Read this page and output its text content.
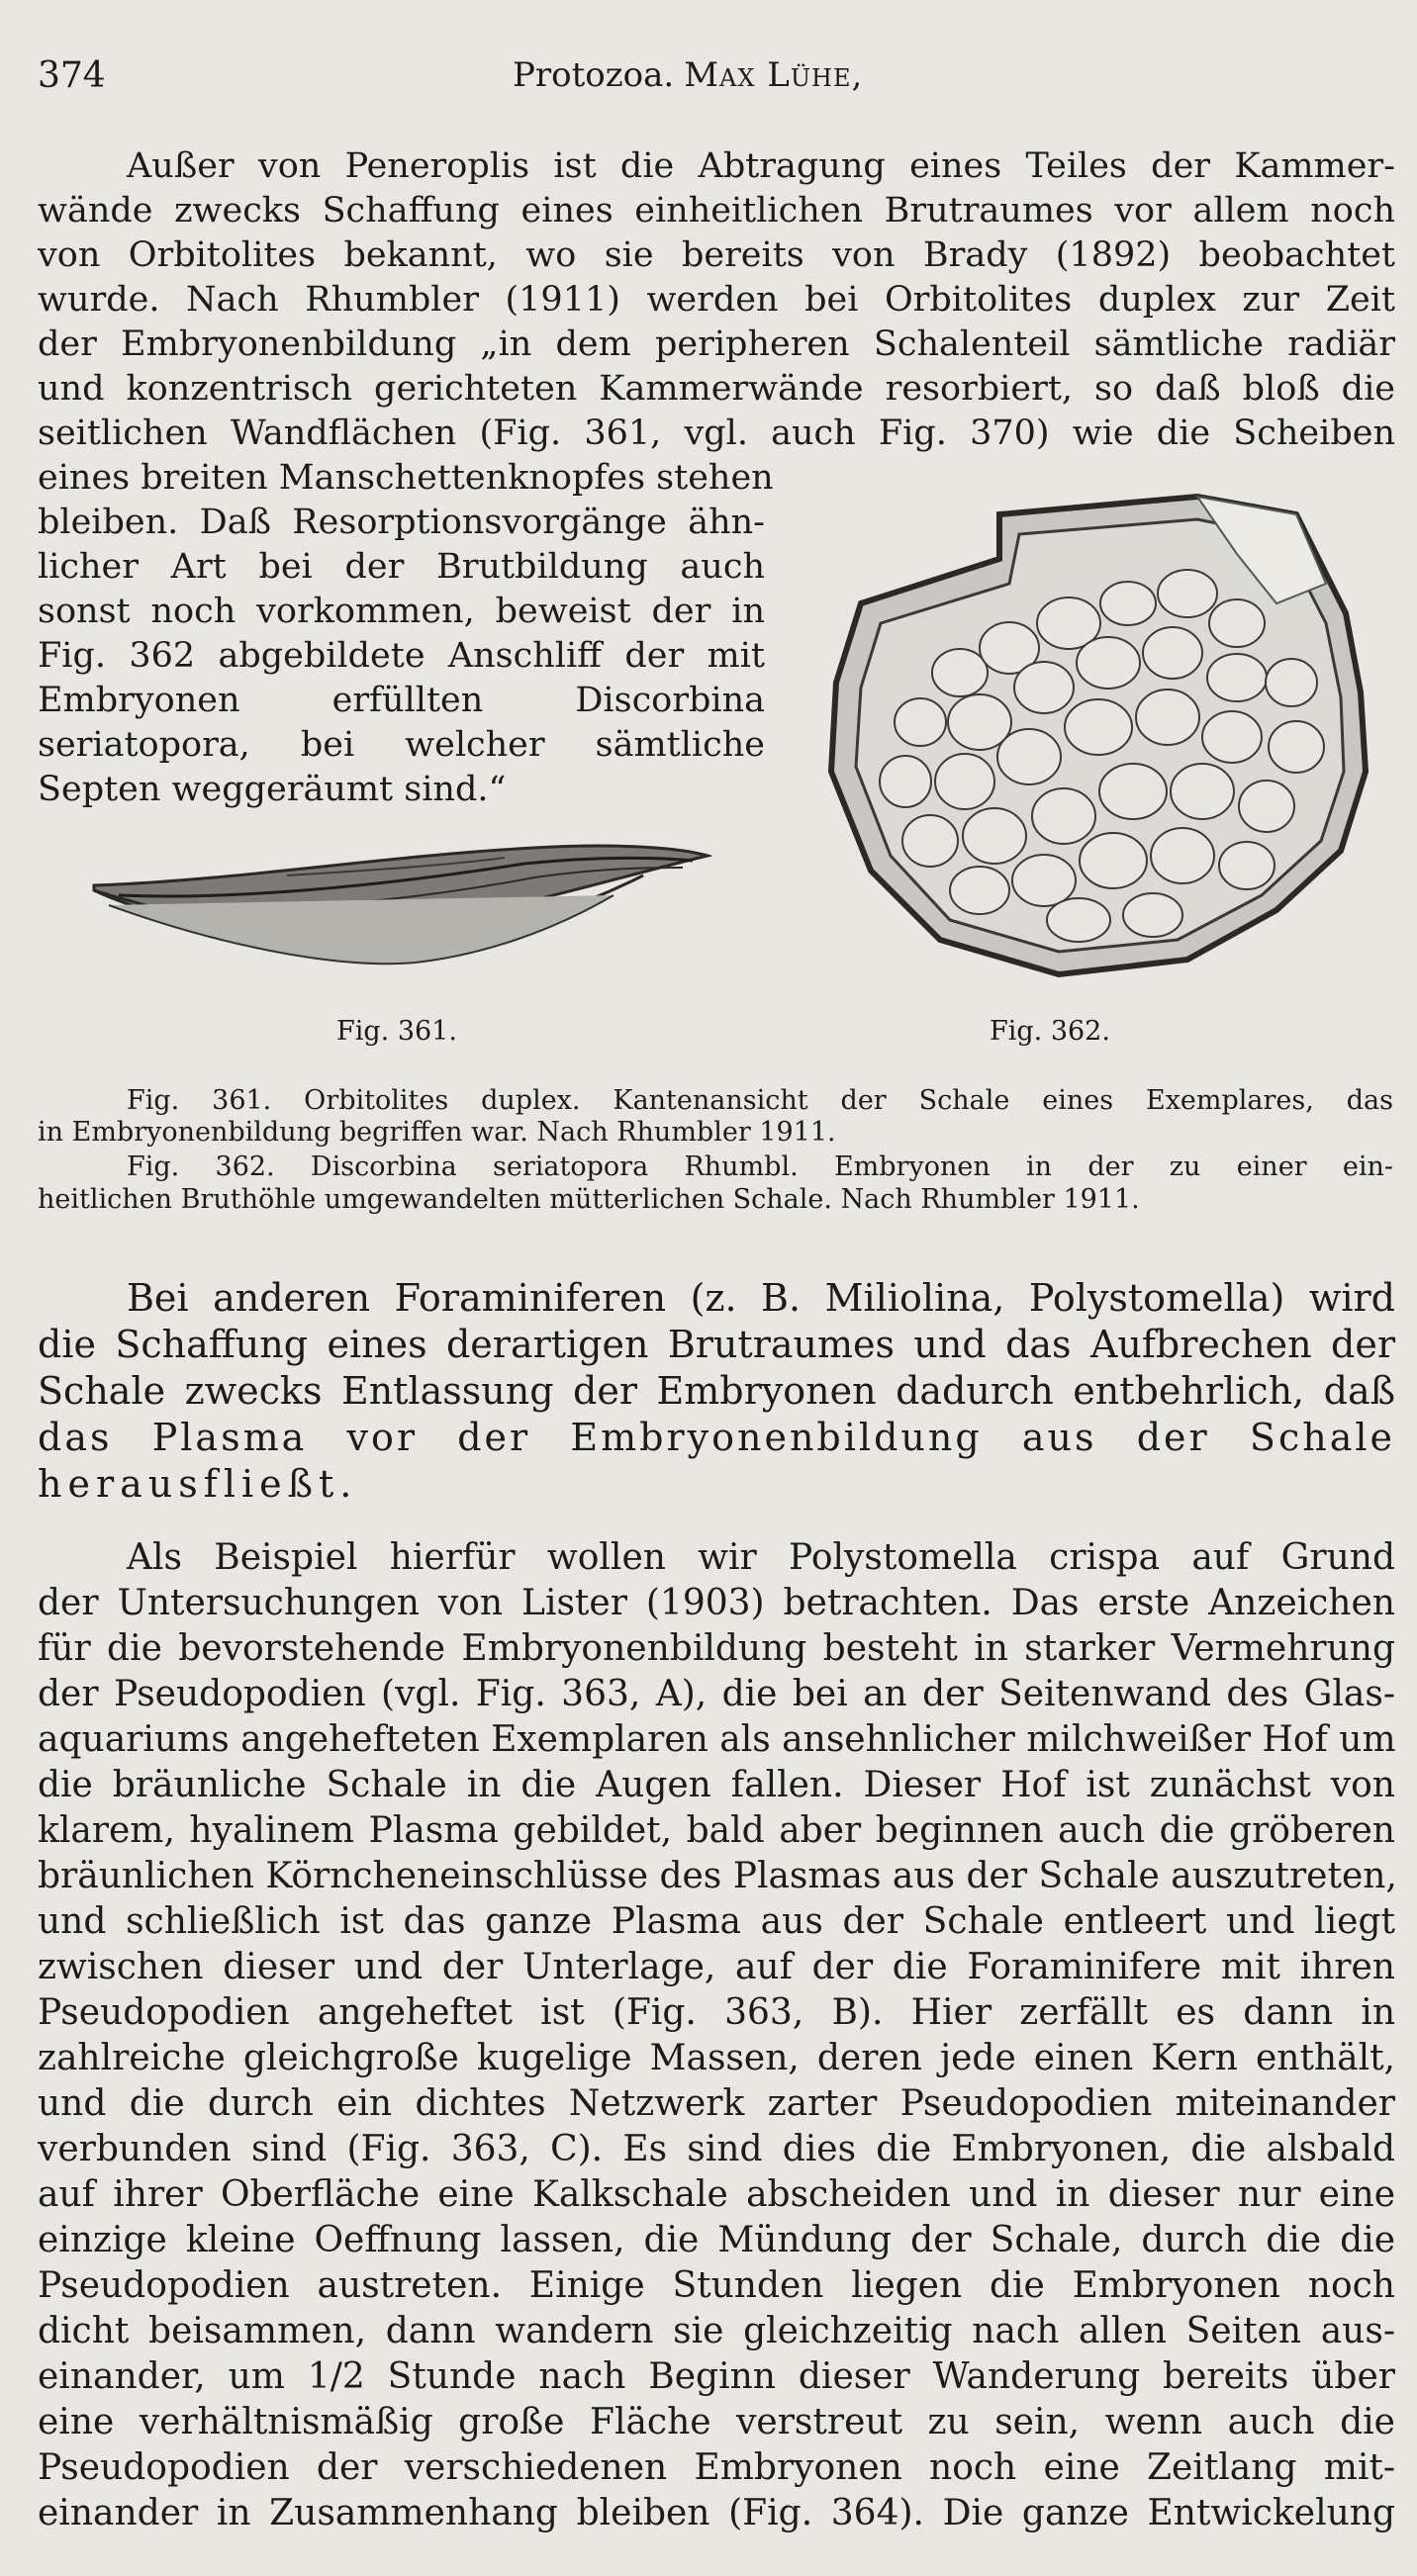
374	Protozoa. Max Lühe,
Außer von Peneroplis ist die Abtragung eines Teiles der Kammer-
wände zwecks Schaffung eines einheitlichen Brutraumes vor allem noch
von Orbitolites bekannt, wo sie bereits von Brady (1892) beobachtet
wurde. Nach Rhumbler (1911) werden bei Orbitolites duplex zur Zeit
der Embryonenbildung „in dem peripheren Schalenteil sämtliche radiär
und konzentrisch gerichteten Kammerwände resorbiert, so daß bloß die
seitlichen Wandflächen (Fig. 361, vgl. auch Fig. 370) wie die Scheiben
eines breiten Manschettenknopfes stehen
bleiben. Daß Resorptionsvorgänge ähn-
licher Art bei der Brutbildung auch
sonst noch vorkommen, beweist der in
Fig. 362 abgebildete Anschliff der mit
Embryonen erfüllten Discorbina
seriatopora, bei welcher sämtliche
Septen weggeräumt sind.“
Fig. 361.	Fig. 362.
Fig. 361. Orbitolites duplex. Kantenansicht der Schale eines Exemplares, das
in Embryonenbildung begriffen war. Nach Rhumbler 1911.
Fig. 362. Discorbina seriatopora Rhumbl. Embryonen in der zu einer ein-
heitlichen Bruthöhle umgewandelten mütterlichen Schale. Nach Rhumbler 1911.
Bei anderen Foraminiferen (z. B. Miliolina, Polystomella) wird
die Schaffung eines derartigen Brutraumes und das Aufbrechen der
Schale zwecks Entlassung der Embryonen dadurch entbehrlich, daß
das Plasma vor der Embryonenbildung aus der Schale
herausfließt.
Als Beispiel hierfür wollen wir Polystomella crispa auf Grund
der Untersuchungen von Lister (1903) betrachten. Das erste Anzeichen
für die bevorstehende Embryonenbildung besteht in starker Vermehrung
der Pseudopodien (vgl. Fig. 363, A), die bei an der Seitenwand des Glas-
aquariums angehefteten Exemplaren als ansehnlicher milchweißer Hof um
die bräunliche Schale in die Augen fallen. Dieser Hof ist zunächst von
klarem, hyalinem Plasma gebildet, bald aber beginnen auch die gröberen
bräunlichen Körncheneinschlüsse des Plasmas aus der Schale auszutreten,
und schließlich ist das ganze Plasma aus der Schale entleert und liegt
zwischen dieser und der Unterlage, auf der die Foraminifere mit ihren
Pseudopodien angeheftet ist (Fig. 363, B). Hier zerfällt es dann in
zahlreiche gleichgroße kugelige Massen, deren jede einen Kern enthält,
und die durch ein dichtes Netzwerk zarter Pseudopodien miteinander
verbunden sind (Fig. 363, C). Es sind dies die Embryonen, die alsbald
auf ihrer Oberfläche eine Kalkschale abscheiden und in dieser nur eine
einzige kleine Oeffnung lassen, die Mündung der Schale, durch die die
Pseudopodien austreten. Einige Stunden liegen die Embryonen noch
dicht beisammen, dann wandern sie gleichzeitig nach allen Seiten aus-
einander, um 1/2 Stunde nach Beginn dieser Wanderung bereits über
eine verhältnismäßig große Fläche verstreut zu sein, wenn auch die
Pseudopodien der verschiedenen Embryonen noch eine Zeitlang mit-
einander in Zusammenhang bleiben (Fig. 364). Die ganze Entwickelung
